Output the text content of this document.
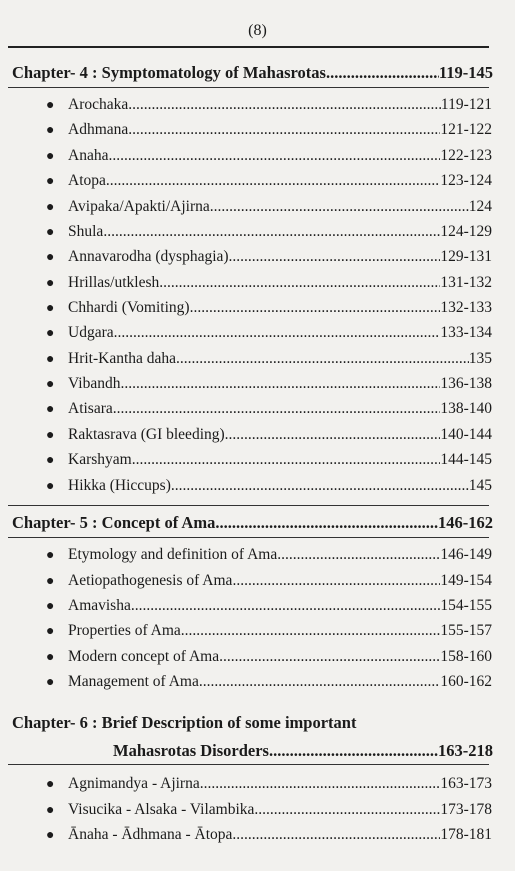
(8)
Chapter- 4 : Symptomatology of Mahasrotas .....	119-145
● Arochaka .....	119-121
● Adhmana .....	121-122
● Anaha .....	122-123
● Atopa .....	123-124
● Avipaka/Apakti/Ajirna .....	124
● Shula .....	124-129
● Annavarodha (dysphagia) .....	129-131
● Hrillas/utklesh .....	131-132
● Chhardi (Vomiting) .....	132-133
● Udgara .....	133-134
● Hrit-Kantha daha .....	135
● Vibandh .....	136-138
● Atisara .....	138-140
● Raktasrava (GI bleeding) .....	140-144
● Karshyam .....	144-145
● Hikka (Hiccups) .....	145
Chapter- 5 : Concept of Ama .....	146-162
● Etymology and definition of Ama .....	146-149
● Aetiopathogenesis of Ama .....	149-154
● Amavisha .....	154-155
● Properties of Ama .....	155-157
● Modern concept of Ama .....	158-160
● Management of Ama .....	160-162
Chapter- 6 : Brief Description of some important
Mahasrotas Disorders .....	163-218
● Agnimandya - Ajirna .....	163-173
● Visucika - Alsaka - Vilambika .....	173-178
● Ānaha - Ādhmana - Ātopa .....	178-181
